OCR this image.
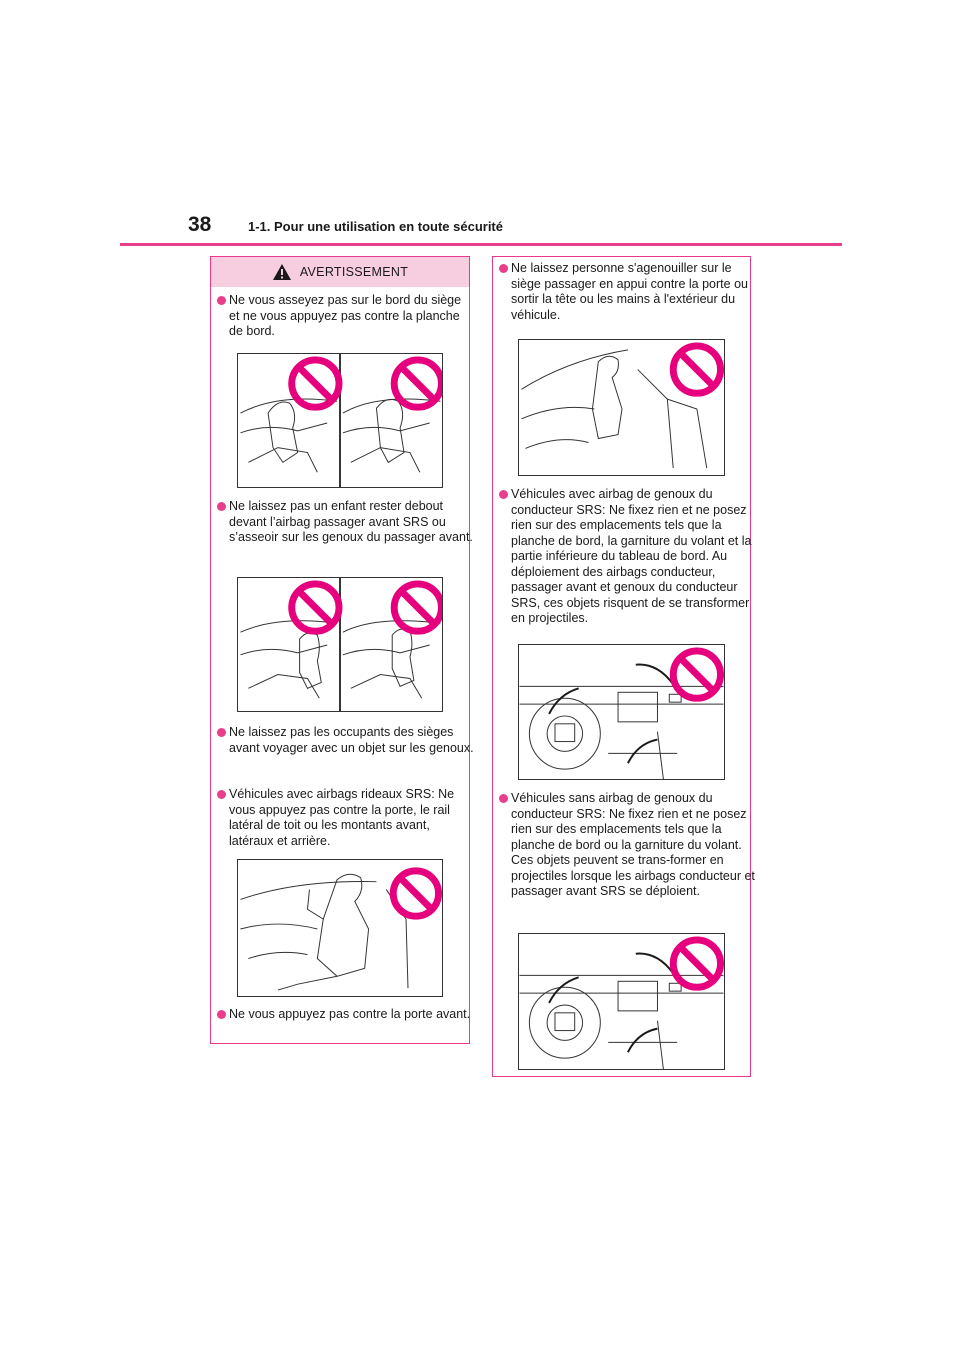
38	1-1. Pour une utilisation en toute sécurité
AVERTISSEMENT
Ne vous asseyez pas sur le bord du siège et ne vous appuyez pas contre la planche de bord.
Ne laissez pas un enfant rester debout devant l’airbag passager avant SRS ou s’asseoir sur les genoux du passager avant.
Ne laissez pas les occupants des sièges avant voyager avec un objet sur les genoux.
Véhicules avec airbags rideaux SRS: Ne vous appuyez pas contre la porte, le rail latéral de toit ou les montants avant, latéraux et arrière.
Ne vous appuyez pas contre la porte avant.
Ne laissez personne s'agenouiller sur le siège passager en appui contre la porte ou sortir la tête ou les mains à l'extérieur du véhicule.
Véhicules avec airbag de genoux du conducteur SRS: Ne fixez rien et ne posez rien sur des emplacements tels que la planche de bord, la garniture du volant et la partie inférieure du tableau de bord. Au déploiement des airbags conducteur, passager avant et genoux du conducteur SRS, ces objets risquent de se transformer en projectiles.
Véhicules sans airbag de genoux du conducteur SRS: Ne fixez rien et ne posez rien sur des emplacements tels que la planche de bord ou la garniture du volant. Ces objets peuvent se trans-former en projectiles lorsque les airbags conducteur et passager avant SRS se déploient.
